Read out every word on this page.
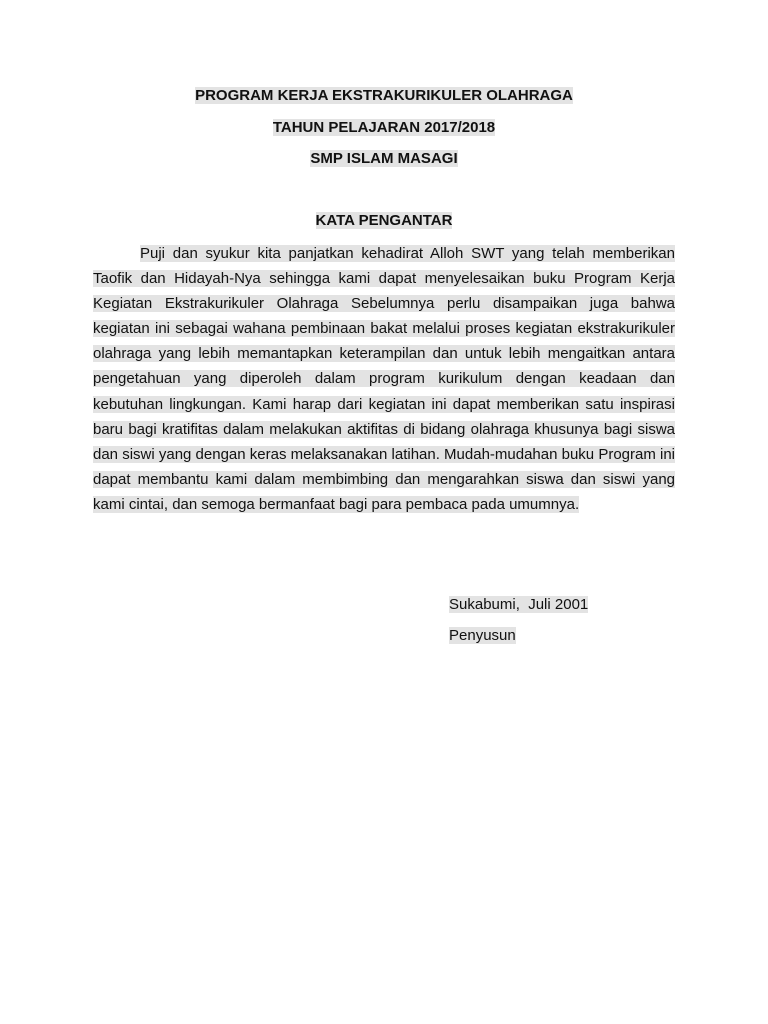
PROGRAM KERJA EKSTRAKURIKULER OLAHRAGA
TAHUN PELAJARAN 2017/2018
SMP ISLAM MASAGI
KATA PENGANTAR

Puji dan syukur kita panjatkan kehadirat Alloh SWT yang telah memberikan Taofik dan Hidayah-Nya sehingga kami dapat menyelesaikan buku Program Kerja Kegiatan Ekstrakurikuler Olahraga Sebelumnya perlu disampaikan juga bahwa kegiatan ini sebagai wahana pembinaan bakat melalui proses kegiatan ekstrakurikuler olahraga yang lebih memantapkan keterampilan dan untuk lebih mengaitkan antara pengetahuan yang diperoleh dalam program kurikulum dengan keadaan dan kebutuhan lingkungan. Kami harap dari kegiatan ini dapat memberikan satu inspirasi baru bagi kratifitas dalam melakukan aktifitas di bidang olahraga khusunya bagi siswa dan siswi yang dengan keras melaksanakan latihan. Mudah-mudahan buku Program ini dapat membantu kami dalam membimbing dan mengarahkan siswa dan siswi yang kami cintai, dan semoga bermanfaat bagi para pembaca pada umumnya.

Sukabumi,  Juli 2001
Penyusun
